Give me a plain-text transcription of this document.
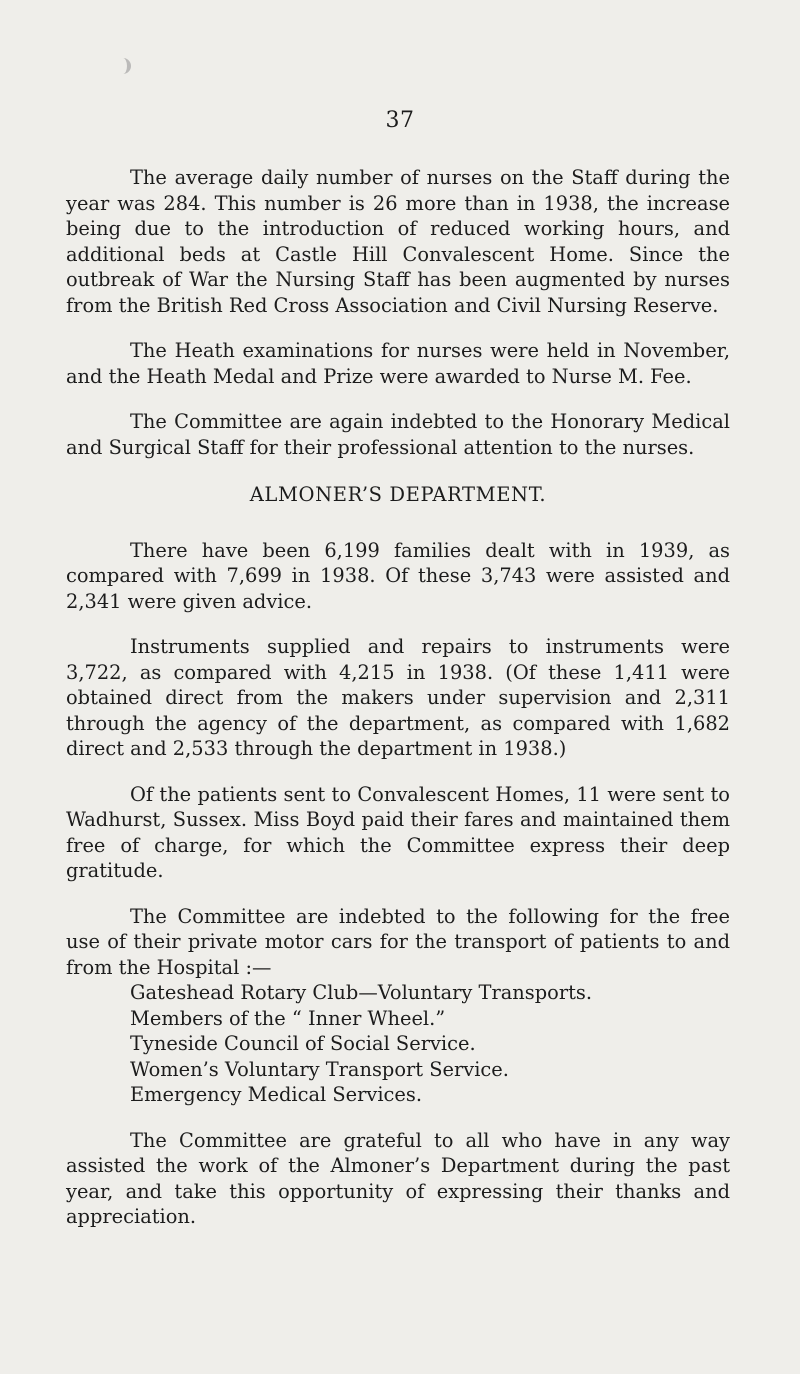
37

The average daily number of nurses on the Staff during the year was 284. This number is 26 more than in 1938, the increase being due to the introduction of reduced working hours, and additional beds at Castle Hill Convalescent Home. Since the outbreak of War the Nursing Staff has been augmented by nurses from the British Red Cross Association and Civil Nursing Reserve.

The Heath examinations for nurses were held in November, and the Heath Medal and Prize were awarded to Nurse M. Fee.

The Committee are again indebted to the Honorary Medical and Surgical Staff for their professional attention to the nurses.

ALMONER’S DEPARTMENT.

There have been 6,199 families dealt with in 1939, as compared with 7,699 in 1938. Of these 3,743 were assisted and 2,341 were given advice.

Instruments supplied and repairs to instruments were 3,722, as compared with 4,215 in 1938. (Of these 1,411 were obtained direct from the makers under supervision and 2,311 through the agency of the department, as compared with 1,682 direct and 2,533 through the department in 1938.)

Of the patients sent to Convalescent Homes, 11 were sent to Wadhurst, Sussex. Miss Boyd paid their fares and maintained them free of charge, for which the Committee express their deep gratitude.

The Committee are indebted to the following for the free use of their private motor cars for the transport of patients to and from the Hospital :—

Gateshead Rotary Club—Voluntary Transports.
Members of the “ Inner Wheel.”
Tyneside Council of Social Service.
Women’s Voluntary Transport Service.
Emergency Medical Services.

The Committee are grateful to all who have in any way assisted the work of the Almoner’s Department during the past year, and take this opportunity of expressing their thanks and appreciation.
